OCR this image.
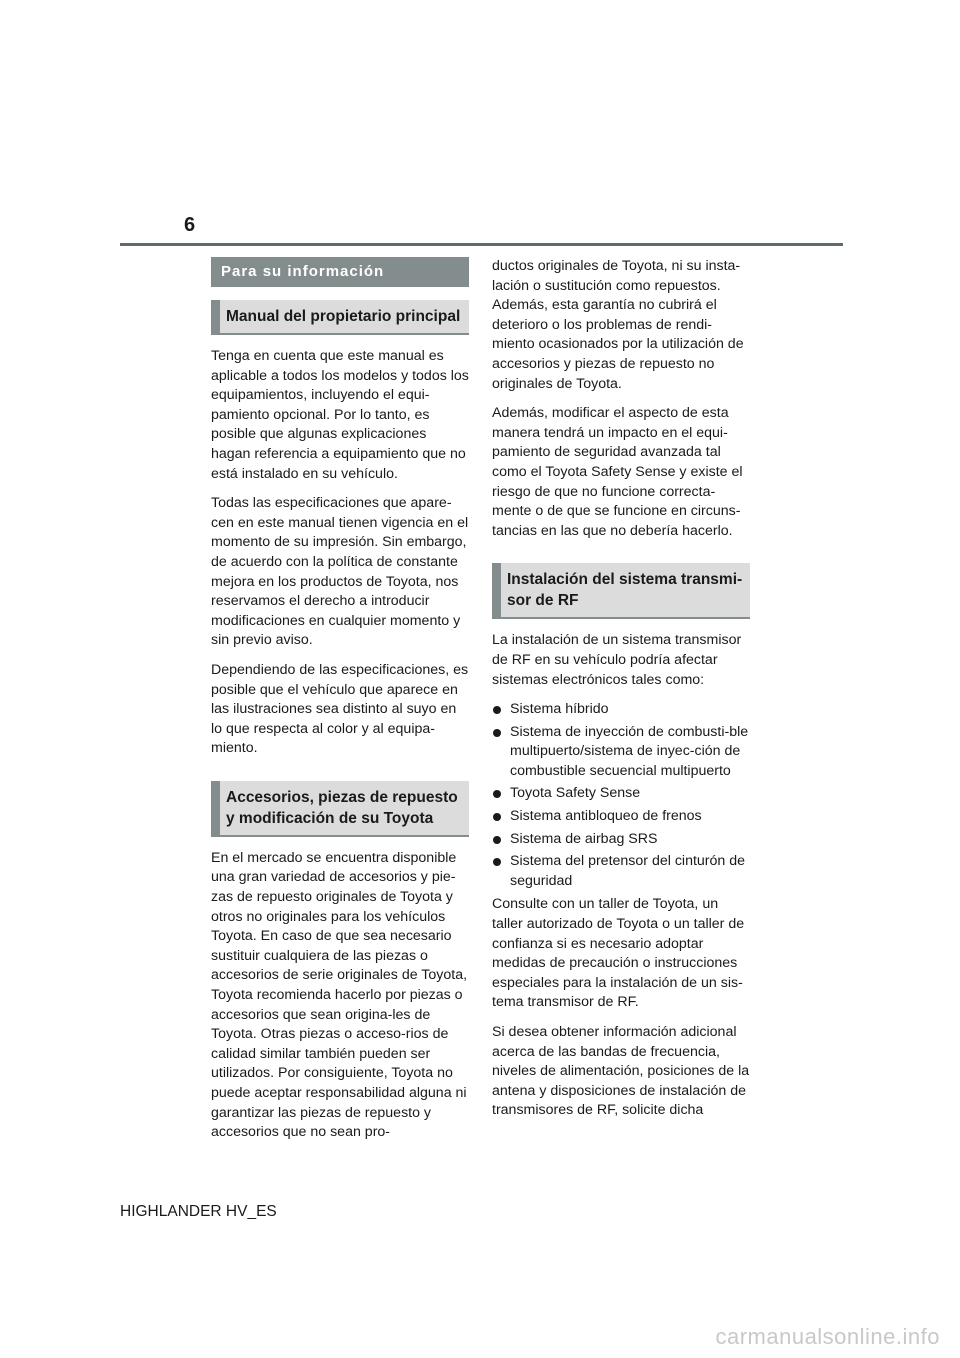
6
Para su información
Manual del propietario principal

Tenga en cuenta que este manual es aplicable a todos los modelos y todos los equipamientos, incluyendo el equi-pamiento opcional. Por lo tanto, es posible que algunas explicaciones hagan referencia a equipamiento que no está instalado en su vehículo.

Todas las especificaciones que apare-cen en este manual tienen vigencia en el momento de su impresión. Sin embargo, de acuerdo con la política de constante mejora en los productos de Toyota, nos reservamos el derecho a introducir modificaciones en cualquier momento y sin previo aviso.

Dependiendo de las especificaciones, es posible que el vehículo que aparece en las ilustraciones sea distinto al suyo en lo que respecta al color y al equipa-miento.

Accesorios, piezas de repuesto y modificación de su Toyota

En el mercado se encuentra disponible una gran variedad de accesorios y pie-zas de repuesto originales de Toyota y otros no originales para los vehículos Toyota. En caso de que sea necesario sustituir cualquiera de las piezas o accesorios de serie originales de Toyota, Toyota recomienda hacerlo por piezas o accesorios que sean origina-les de Toyota. Otras piezas o acceso-rios de calidad similar también pueden ser utilizados. Por consiguiente, Toyota no puede aceptar responsabilidad alguna ni garantizar las piezas de repuesto y accesorios que no sean pro-

ductos originales de Toyota, ni su insta-lación o sustitución como repuestos. Además, esta garantía no cubrirá el deterioro o los problemas de rendi-miento ocasionados por la utilización de accesorios y piezas de repuesto no originales de Toyota.

Además, modificar el aspecto de esta manera tendrá un impacto en el equi-pamiento de seguridad avanzada tal como el Toyota Safety Sense y existe el riesgo de que no funcione correcta-mente o de que se funcione en circuns-tancias en las que no debería hacerlo.

Instalación del sistema transmi-sor de RF

La instalación de un sistema transmisor de RF en su vehículo podría afectar sistemas electrónicos tales como:

Sistema híbrido
Sistema de inyección de combusti-ble multipuerto/sistema de inyec-ción de combustible secuencial multipuerto
Toyota Safety Sense
Sistema antibloqueo de frenos
Sistema de airbag SRS
Sistema del pretensor del cinturón de seguridad

Consulte con un taller de Toyota, un taller autorizado de Toyota o un taller de confianza si es necesario adoptar medidas de precaución o instrucciones especiales para la instalación de un sis-tema transmisor de RF.

Si desea obtener información adicional acerca de las bandas de frecuencia, niveles de alimentación, posiciones de la antena y disposiciones de instalación de transmisores de RF, solicite dicha

HIGHLANDER HV_ES
carmanualsonline.info
